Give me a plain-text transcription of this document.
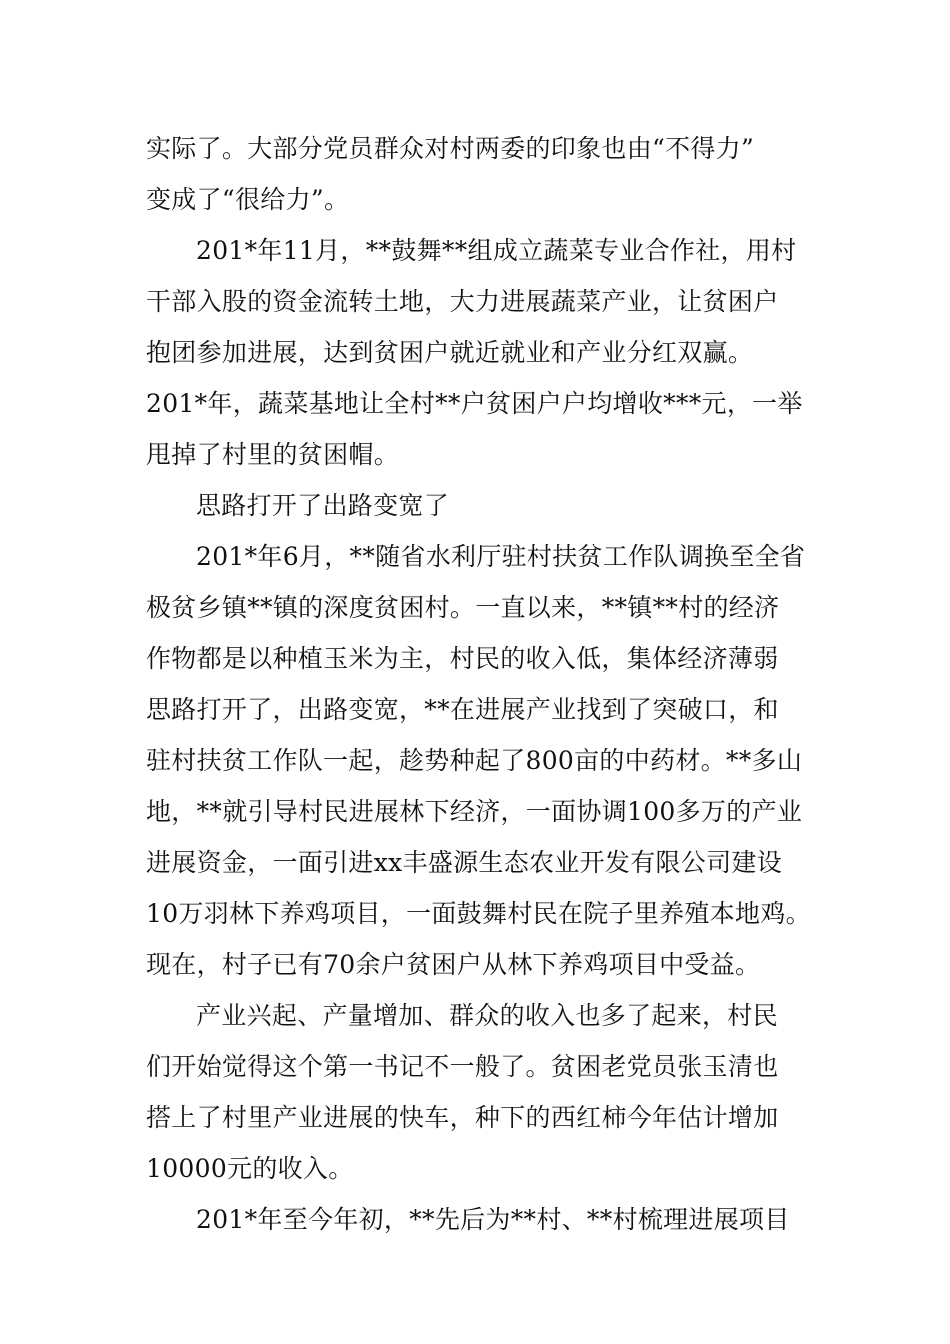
实际了。大部分党员群众对村两委的印象也由“不得力”
变成了“很给力”。
201*年11月，**鼓舞**组成立蔬菜专业合作社，用村
干部入股的资金流转土地，大力进展蔬菜产业，让贫困户
抱团参加进展，达到贫困户就近就业和产业分红双赢。
201*年，蔬菜基地让全村**户贫困户户均增收***元，一举
甩掉了村里的贫困帽。
思路打开了出路变宽了
201*年6月，**随省水利厅驻村扶贫工作队调换至全省
极贫乡镇**镇的深度贫困村。一直以来，**镇**村的经济
作物都是以种植玉米为主，村民的收入低，集体经济薄弱
思路打开了，出路变宽，**在进展产业找到了突破口，和
驻村扶贫工作队一起，趁势种起了800亩的中药材。**多山
地，**就引导村民进展林下经济，一面协调100多万的产业
进展资金，一面引进xx丰盛源生态农业开发有限公司建设
10万羽林下养鸡项目，一面鼓舞村民在院子里养殖本地鸡。
现在，村子已有70余户贫困户从林下养鸡项目中受益。
产业兴起、产量增加、群众的收入也多了起来，村民
们开始觉得这个第一书记不一般了。贫困老党员张玉清也
搭上了村里产业进展的快车，种下的西红柿今年估计增加
10000元的收入。
201*年至今年初，**先后为**村、**村梳理进展项目
